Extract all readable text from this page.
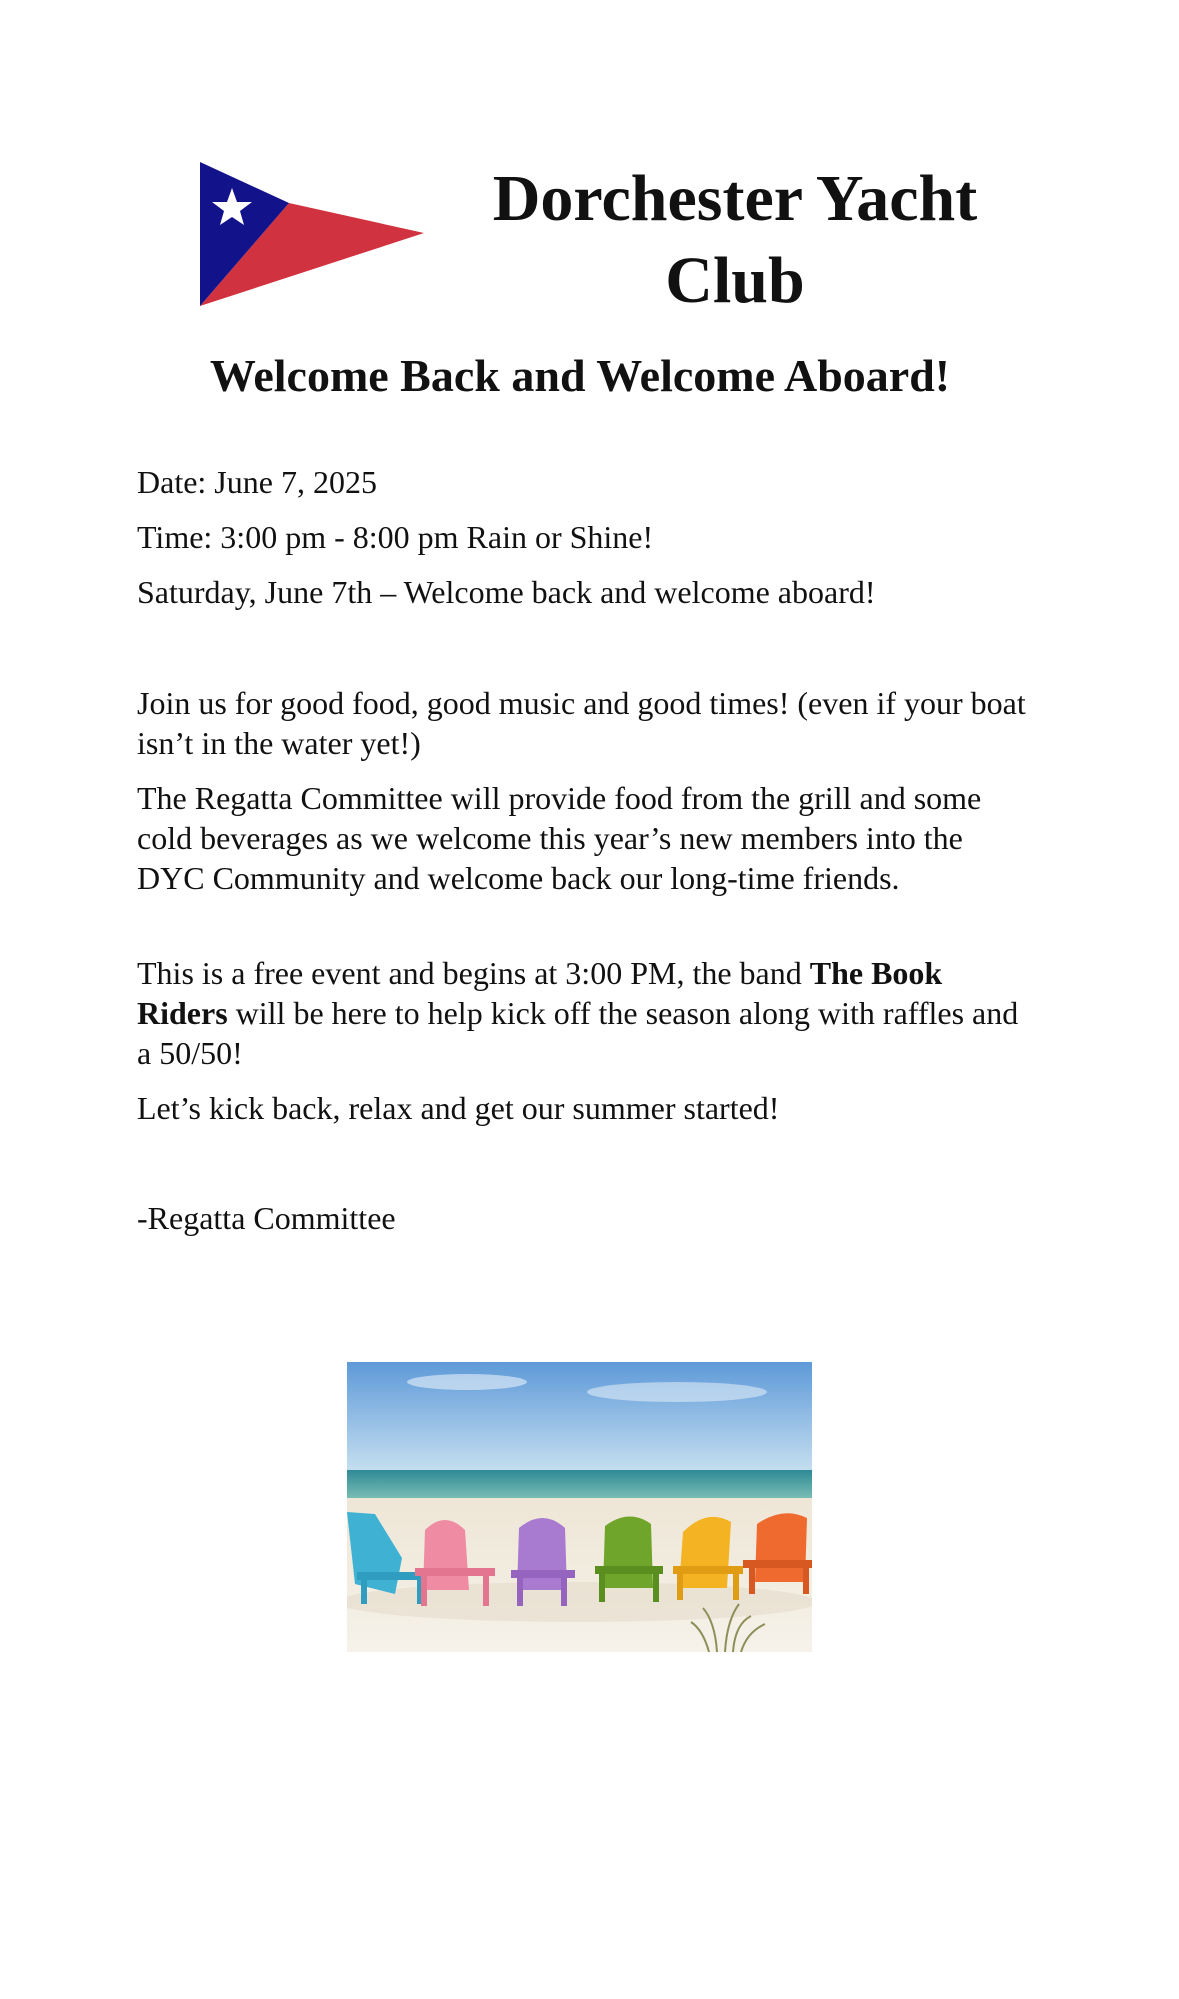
Dorchester Yacht Club
Welcome Back and Welcome Aboard!

Date: June 7, 2025

Time: 3:00 pm - 8:00 pm Rain or Shine!

Saturday, June 7th – Welcome back and welcome aboard!

Join us for good food, good music and good times! (even if your boat isn’t in the water yet!)

The Regatta Committee will provide food from the grill and some cold beverages as we welcome this year’s new members into the DYC Community and welcome back our long-time friends.

This is a free event and begins at 3:00 PM, the band The Book Riders will be here to help kick off the season along with raffles and a 50/50!

Let’s kick back, relax and get our summer started!

-Regatta Committee
